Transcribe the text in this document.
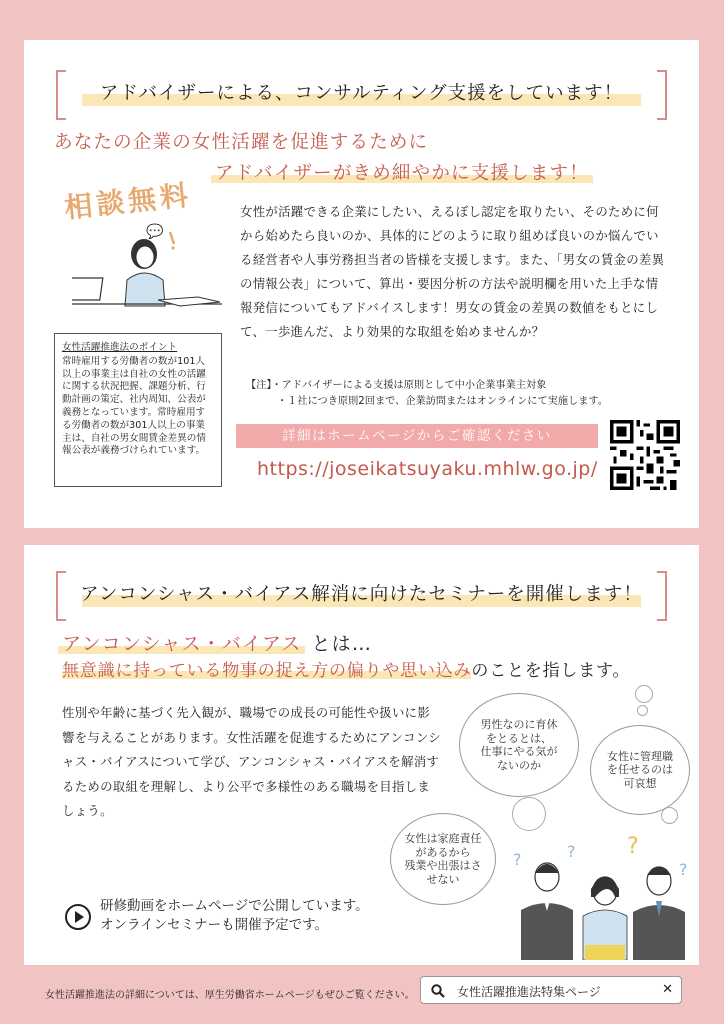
アドバイザーによる、コンサルティング支援をしています！
あなたの企業の女性活躍を促進するために
アドバイザーがきめ細やかに支援します！
相談無料
💬
女性活躍推進法のポイント
常時雇用する労働者の数が101人以上の事業主は自社の女性の活躍に関する状況把握、課題分析、行動計画の策定、社内周知、公表が義務となっています。常時雇用する労働者の数が301人以上の事業主は、自社の男女間賃金差異の情報公表が義務づけられています。
女性が活躍できる企業にしたい、えるぼし認定を取りたい、そのために何から始めたら良いのか、具体的にどのように取り組めば良いのか悩んでいる経営者や人事労務担当者の皆様を支援します。また、「男女の賃金の差異の情報公表」について、算出・要因分析の方法や説明欄を用いた上手な情報発信についてもアドバイスします！男女の賃金の差異の数値をもとにして、一歩進んだ、より効果的な取組を始めませんか？
【注】・アドバイザーによる支援は原則として中小企業事業主対象
・１社につき原則2回まで、企業訪問またはオンラインにて実施します。
詳細はホームページからご確認ください
https://joseikatsuyaku.mhlw.go.jp/
アンコンシャス・バイアス解消に向けたセミナーを開催します！
アンコンシャス・バイアス とは…
無意識に持っている物事の捉え方の偏りや思い込みのことを指します。
性別や年齢に基づく先入観が、職場での成長の可能性や扱いに影響を与えることがあります。女性活躍を促進するためにアンコンシャス・バイアスについて学び、アンコンシャス・バイアスを解消するための取組を理解し、より公平で多様性のある職場を目指しましょう。
男性なのに育休
をとるとは、
仕事にやる気が
ないのか
女性に管理職
を任せるのは
可哀想
女性は家庭責任
があるから
残業や出張はさ
せない
?	? ?
?
研修動画をホームページで公開しています。
オンラインセミナーも開催予定です。
女性活躍推進法の詳細については、厚生労働省ホームページもぜひご覧ください。	女性活躍推進法特集ページ	✕
